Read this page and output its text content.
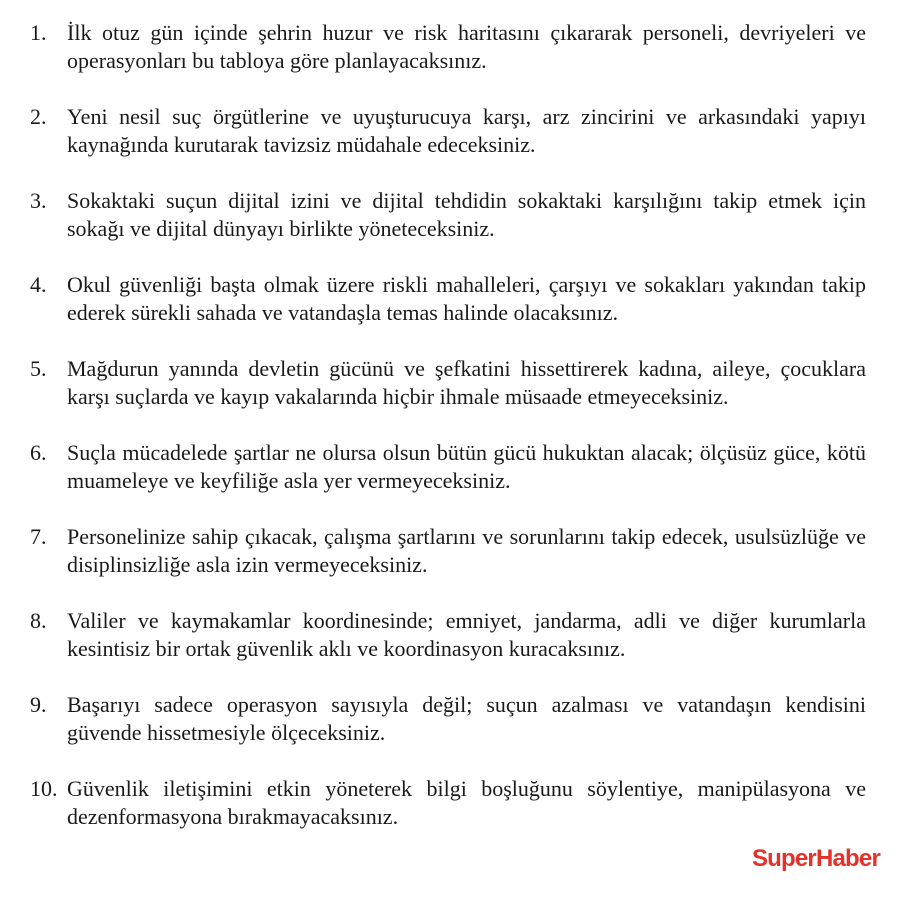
1. İlk otuz gün içinde şehrin huzur ve risk haritasını çıkararak personeli, devriyeleri ve operasyonları bu tabloya göre planlayacaksınız.
2. Yeni nesil suç örgütlerine ve uyuşturucuya karşı, arz zincirini ve arkasındaki yapıyı kaynağında kurutarak tavizsiz müdahale edeceksiniz.
3. Sokaktaki suçun dijital izini ve dijital tehdidin sokaktaki karşılığını takip etmek için sokağı ve dijital dünyayı birlikte yöneteceksiniz.
4. Okul güvenliği başta olmak üzere riskli mahalleleri, çarşıyı ve sokakları yakından takip ederek sürekli sahada ve vatandaşla temas halinde olacaksınız.
5. Mağdurun yanında devletin gücünü ve şefkatini hissettirerek kadına, aileye, çocuklara karşı suçlarda ve kayıp vakalarında hiçbir ihmale müsaade etmeyeceksiniz.
6. Suçla mücadelede şartlar ne olursa olsun bütün gücü hukuktan alacak; ölçüsüz güce, kötü muameleye ve keyfiliğe asla yer vermeyeceksiniz.
7. Personelinize sahip çıkacak, çalışma şartlarını ve sorunlarını takip edecek, usulsüzlüğe ve disiplinsizliğe asla izin vermeyeceksiniz.
8. Valiler ve kaymakamlar koordinesinde; emniyet, jandarma, adli ve diğer kurumlarla kesintisiz bir ortak güvenlik aklı ve koordinasyon kuracaksınız.
9. Başarıyı sadece operasyon sayısıyla değil; suçun azalması ve vatandaşın kendisini güvende hissetmesiyle ölçeceksiniz.
10. Güvenlik iletişimini etkin yöneterek bilgi boşluğunu söylentiye, manipülasyona ve dezenformasyona bırakmayacaksınız.
SuperHaber
